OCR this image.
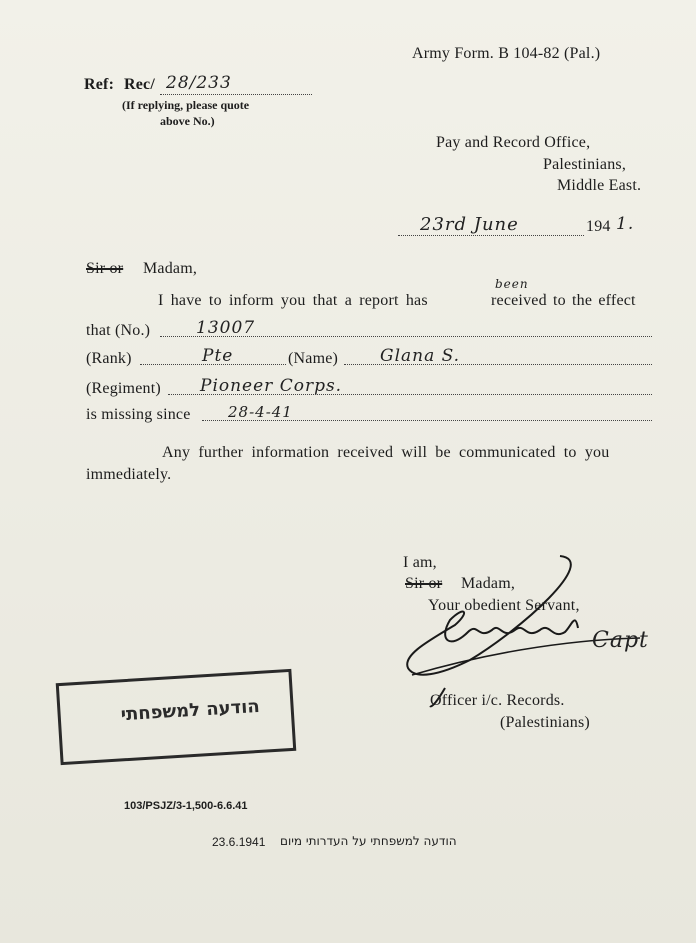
Army Form. B 104-82 (Pal.)
Ref: Rec/ 28/233
(If replying, please quote
above No.)
Pay and Record Office,
Palestinians,
Middle East.
23rd June	194 1.
Sir or Madam,
I have to inform you that a report has
been
received to the effect
that (No.)	13007
(Rank)	Pte	(Name) Glana S.
(Regiment) Pioneer Corps.
is missing since 28-4-41
Any further information received will be communicated to you
immediately.
I am,
Sir or Madam,
Your obedient Servant,
Capt
Officer i/c. Records.
(Palestinians)
הודעה למשפחתי
103/PSJZ/3-1,500-6.6.41
23.6.1941 הודעה למשפחתי על העדרותי מיום
